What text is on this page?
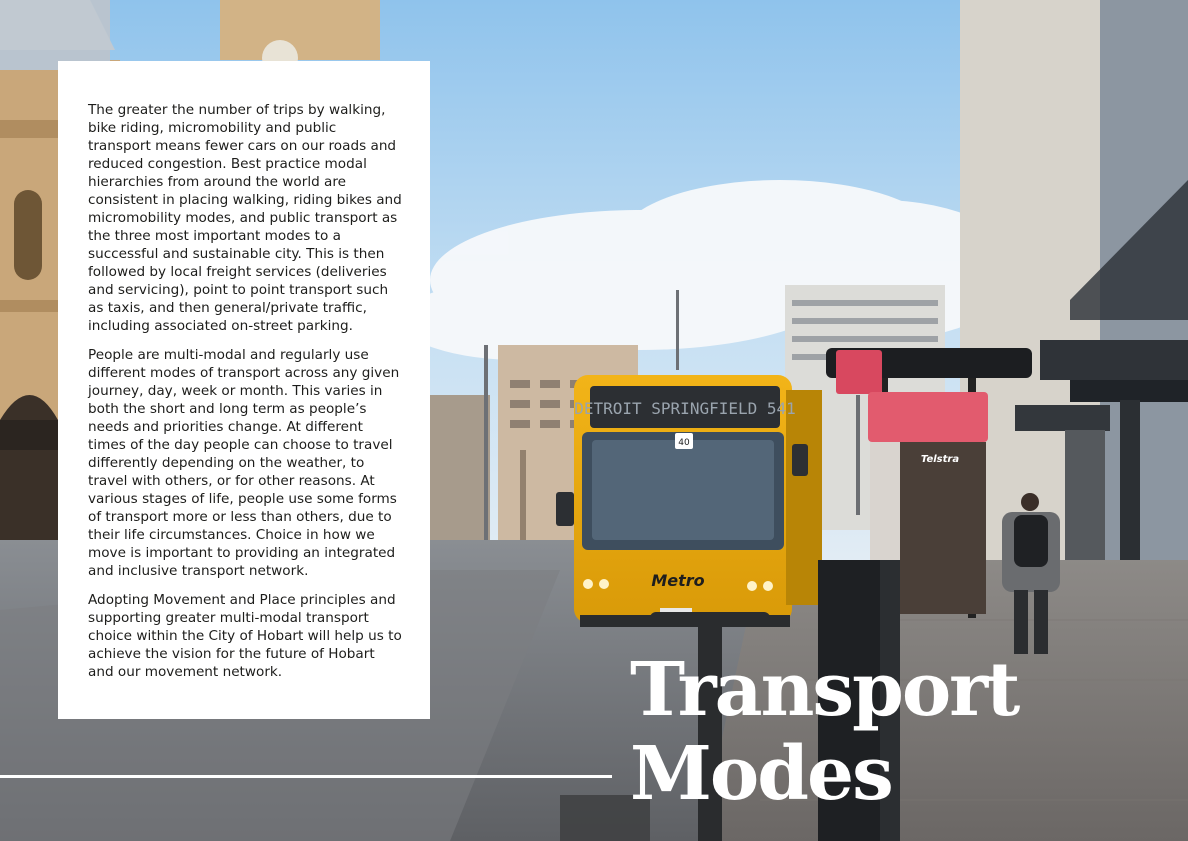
DETROIT SPRINGFIELD 541
40
Metro
Telstra

The greater the number of trips by walking, bike riding, micromobility and public transport means fewer cars on our roads and reduced congestion. Best practice modal hierarchies from around the world are consistent in placing walking, riding bikes and micromobility modes, and public transport as the three most important modes to a successful and sustainable city. This is then followed by local freight services (deliveries and servicing), point to point transport such as taxis, and then general/private traffic, including associated on-street parking.

People are multi-modal and regularly use different modes of transport across any given journey, day, week or month. This varies in both the short and long term as people’s needs and priorities change. At different times of the day people can choose to travel differently depending on the weather, to travel with others, or for other reasons. At various stages of life, people use some forms of transport more or less than others, due to their life circumstances. Choice in how we move is important to providing an integrated and inclusive transport network.

Adopting Movement and Place principles and supporting greater multi-modal transport choice within the City of Hobart will help us to achieve the vision for the future of Hobart and our movement network.	Transport
Modes
